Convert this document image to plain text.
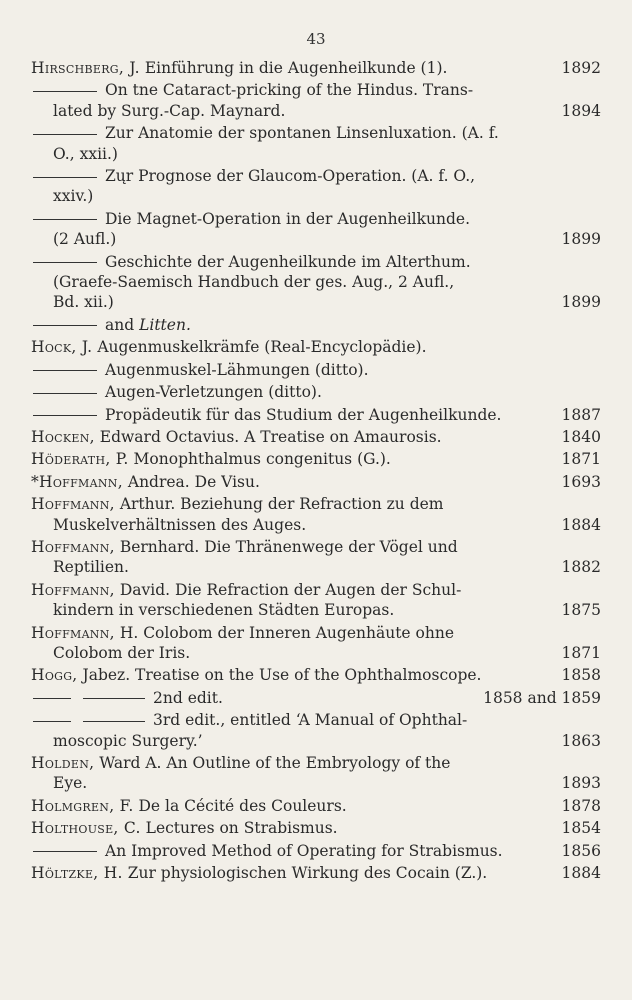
43
1892
Hirschberg, J. Einführung in die Augenheilkunde (1).
On tne Cataract-pricking of the Hindus. Trans-
1894
lated by Surg.-Cap. Maynard.
Zur Anatomie der spontanen Linsenluxation. (A. f.
O., xxii.)
Zųr Prognose der Glaucom-Operation. (A. f. O.,
xxiv.)
Die Magnet-Operation in der Augenheilkunde.
1899
(2 Aufl.)
Geschichte der Augenheilkunde im Alterthum.
(Graefe-Saemisch Handbuch der ges. Aug., 2 Aufl.,
1899
Bd. xii.)
and Litten.
Hock, J. Augenmuskelkrämfe (Real-Encyclopädie).
Augenmuskel-Lähmungen (ditto).
Augen-Verletzungen (ditto).
1887
Propädeutik für das Studium der Augenheilkunde.
1840
Hocken, Edward Octavius. A Treatise on Amaurosis.
1871
Höderath, P. Monophthalmus congenitus (G.).
1693
*Hoffmann, Andrea. De Visu.
Hoffmann, Arthur. Beziehung der Refraction zu dem
1884
Muskelverhältnissen des Auges.
Hoffmann, Bernhard. Die Thränenwege der Vögel und
1882
Reptilien.
Hoffmann, David. Die Refraction der Augen der Schul-
1875
kindern in verschiedenen Städten Europas.
Hoffmann, H. Colobom der Inneren Augenhäute ohne
1871
Colobom der Iris.
1858
Hogg, Jabez. Treatise on the Use of the Ophthalmoscope.
1858 and 1859
2nd edit.
3rd edit., entitled ‘A Manual of Ophthal-
1863
moscopic Surgery.’
Holden, Ward A. An Outline of the Embryology of the
1893
Eye.
1878
Holmgren, F. De la Cécité des Couleurs.
1854
Holthouse, C. Lectures on Strabismus.
1856
An Improved Method of Operating for Strabismus.
1884
Höltzke, H. Zur physiologischen Wirkung des Cocain (Z.).
